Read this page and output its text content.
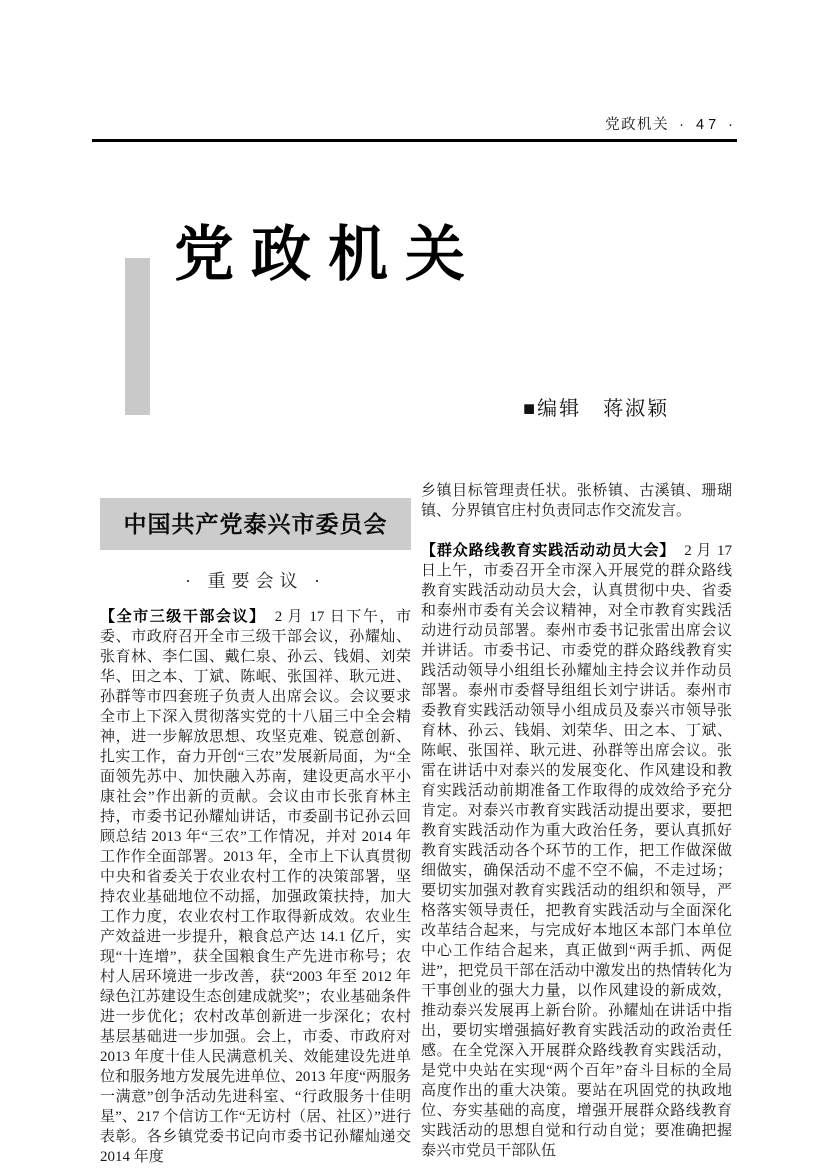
党政机关 · 47 ·
党政机关
■编辑 蒋淑颖
中国共产党泰兴市委员会
· 重要会议 ·

【全市三级干部会议】 2 月 17 日下午，市委、市政府召开全市三级干部会议，孙耀灿、张育林、李仁国、戴仁泉、孙云、钱娟、刘荣华、田之本、丁斌、陈岷、张国祥、耿元进、孙群等市四套班子负责人出席会议。会议要求全市上下深入贯彻落实党的十八届三中全会精神，进一步解放思想、攻坚克难、锐意创新、扎实工作，奋力开创“三农”发展新局面，为“全面领先苏中、加快融入苏南，建设更高水平小康社会”作出新的贡献。会议由市长张育林主持，市委书记孙耀灿讲话，市委副书记孙云回顾总结 2013 年“三农”工作情况，并对 2014 年工作作全面部署。2013 年，全市上下认真贯彻中央和省委关于农业农村工作的决策部署，坚持农业基础地位不动摇，加强政策扶持，加大工作力度，农业农村工作取得新成效。农业生产效益进一步提升，粮食总产达 14.1 亿斤，实现“十连增”，获全国粮食生产先进市称号；农村人居环境进一步改善，获“2003 年至 2012 年绿色江苏建设生态创建成就奖”；农业基础条件进一步优化；农村改革创新进一步深化；农村基层基础进一步加强。会上，市委、市政府对 2013 年度十佳人民满意机关、效能建设先进单位和服务地方发展先进单位、2013 年度“两服务一满意”创争活动先进科室、“行政服务十佳明星”、217 个信访工作“无访村（居、社区）”进行表彰。各乡镇党委书记向市委书记孙耀灿递交 2014 年度

乡镇目标管理责任状。张桥镇、古溪镇、珊瑚镇、分界镇官庄村负责同志作交流发言。

【群众路线教育实践活动动员大会】 2 月 17 日上午，市委召开全市深入开展党的群众路线教育实践活动动员大会，认真贯彻中央、省委和泰州市委有关会议精神，对全市教育实践活动进行动员部署。泰州市委书记张雷出席会议并讲话。市委书记、市委党的群众路线教育实践活动领导小组组长孙耀灿主持会议并作动员部署。泰州市委督导组组长刘宁讲话。泰州市委教育实践活动领导小组成员及泰兴市领导张育林、孙云、钱娟、刘荣华、田之本、丁斌、陈岷、张国祥、耿元进、孙群等出席会议。张雷在讲话中对泰兴的发展变化、作风建设和教育实践活动前期准备工作取得的成效给予充分肯定。对泰兴市教育实践活动提出要求，要把教育实践活动作为重大政治任务，要认真抓好教育实践活动各个环节的工作，把工作做深做细做实，确保活动不虚不空不偏，不走过场；要切实加强对教育实践活动的组织和领导，严格落实领导责任，把教育实践活动与全面深化改革结合起来，与完成好本地区本部门本单位中心工作结合起来，真正做到“两手抓、两促进”，把党员干部在活动中激发出的热情转化为干事创业的强大力量，以作风建设的新成效，推动泰兴发展再上新台阶。孙耀灿在讲话中指出，要切实增强搞好教育实践活动的政治责任感。在全党深入开展群众路线教育实践活动，是党中央站在实现“两个百年”奋斗目标的全局高度作出的重大决策。要站在巩固党的执政地位、夯实基础的高度，增强开展群众路线教育实践活动的思想自觉和行动自觉；要准确把握泰兴市党员干部队伍
